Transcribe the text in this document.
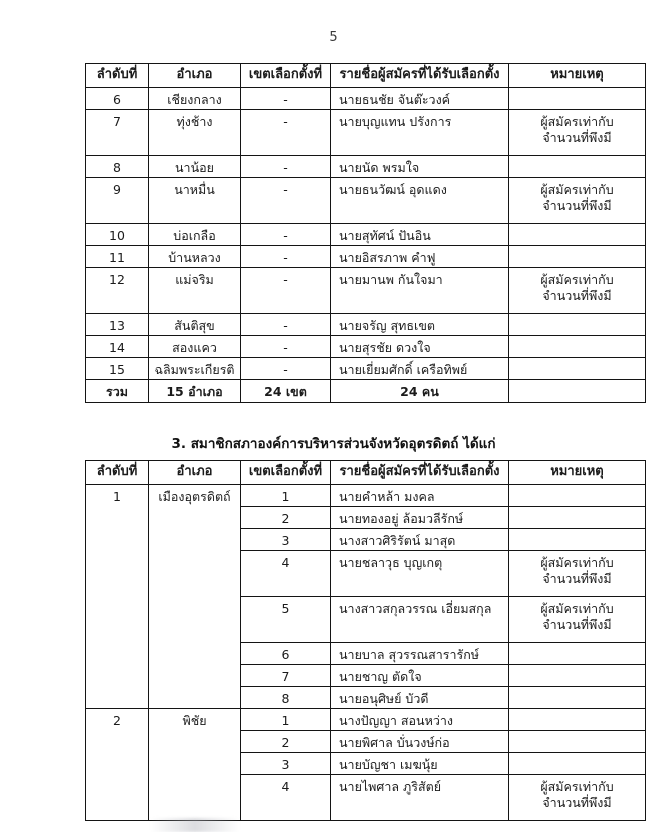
5
ลำดับที่	อำเภอ	เขตเลือกตั้งที่	รายชื่อผู้สมัครที่ได้รับเลือกตั้ง	หมายเหตุ
6	เชียงกลาง	-	นายธนชัย จันต๊ะวงค์	
7	ทุ่งช้าง	-	นายบุญแทน ปรังการ	ผู้สมัครเท่ากับ
จำนวนที่พึงมี

8	นาน้อย	-	นายนัด พรมใจ	
9	นาหมื่น	-	นายธนวัฒน์ อุดแดง	ผู้สมัครเท่ากับ
จำนวนที่พึงมี

10	บ่อเกลือ	-	นายสุทัศน์ ปันอิน	
11	บ้านหลวง	-	นายอิสรภาพ คำฟู	
12	แม่จริม	-	นายมานพ กันใจมา	ผู้สมัครเท่ากับ
จำนวนที่พึงมี

13	สันติสุข	-	นายจรัญ สุทธเขต	
14	สองแคว	-	นายสุรชัย ดวงใจ	
15	ฉลิมพระเกียรติ	-	นายเยี่ยมศักดิ์ เครือทิพย์	
รวม	15 อำเภอ	24 เขต	24 คน	
3. สมาชิกสภาองค์การบริหารส่วนจังหวัดอุตรดิตถ์ ได้แก่
ลำดับที่	อำเภอ	เขตเลือกตั้งที่	รายชื่อผู้สมัครที่ได้รับเลือกตั้ง	หมายเหตุ
1	เมืองอุตรดิตถ์	1	นายคำหล้า มงคล	
		2	นายทองอยู่ ล้อมวลีรักษ์	
		3	นางสาวศิริรัตน์ มาสุด	
		4	นายชลาวุธ บุญเกตุ	ผู้สมัครเท่ากับ
จำนวนที่พึงมี

		5	นางสาวสกุลวรรณ เอี่ยมสกุล	ผู้สมัครเท่ากับ
จำนวนที่พึงมี

		6	นายบาล สุวรรณสารารักษ์	
		7	นายชาญ ตัดใจ	
		8	นายอนุศิษย์ บัวดี	
2	พิชัย	1	นางปัญญา สอนหว่าง	
		2	นายพิศาล บั่นวงษ์ก่อ	
		3	นายบัญชา เมฆนุ้ย	
		4	นายไพศาล ภูริสัตย์	ผู้สมัครเท่ากับ
จำนวนที่พึงมี
